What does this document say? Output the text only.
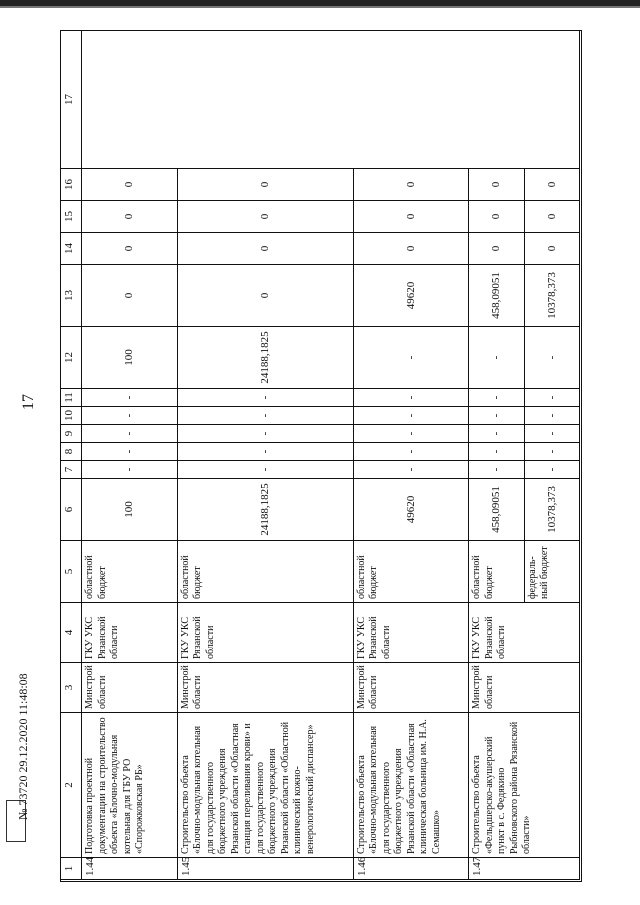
17
№ 73720 29.12.2020 11:48:08
1	2	3	4	5	6	7	8	9	10	11	12	13	14	15	16	17
1.44	Подготовка проектной документации на строительство объекта «Блочно-модульная котельная для ГБУ РО «Спорожковская РБ»	Минстрой области	ГКУ УКС Рязанской области	областной бюджет	100	-	-	-	-	-	100	0	0	0	0	
1.45	Строительство объекта «Блочно-модульная котельная для государственного бюджетного учреждения Рязанской области «Областная станция переливания крови» и для государственного бюджетного учреждения Рязанской области «Областной клинический кожно-венерологический диспансер»	Минстрой области	ГКУ УКС Рязанской области	областной бюджет	24188,1825	-	-	-	-	-	24188,1825	0	0	0	0	
1.46	Строительство объекта «Блочно-модульная котельная для государственного бюджетного учреждения Рязанской области «Областная клиническая больница им. Н.А. Семашко»	Минстрой области	ГКУ УКС Рязанской области	областной бюджет	49620	-	-	-	-	-	-	49620	0	0	0	
1.47	Строительство объекта «Фельдшерско-акушерский пункт в с. Федякино Рыбновского района Рязанской области»	Минстрой области	ГКУ УКС Рязанской области	областной бюджет	458,09051	-	-	-	-	-	-	458,09051	0	0	0	
				федераль-ный бюджет	10378,373	-	-	-	-	-	-	10378,373	0	0	0	
